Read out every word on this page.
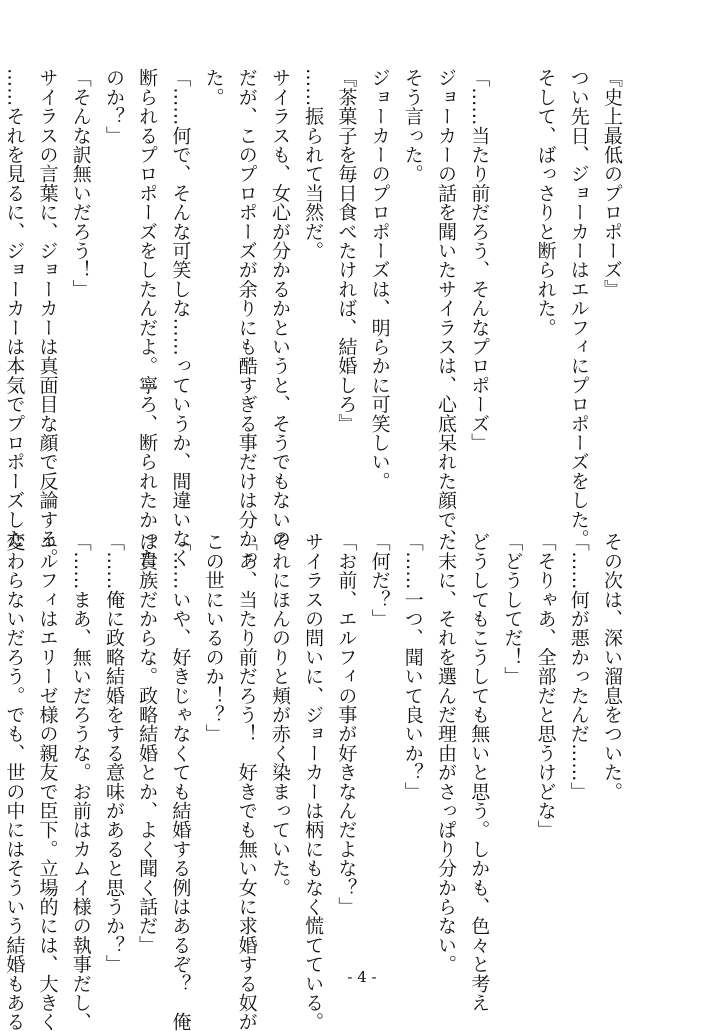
『史上最低のプロポーズ』

つい先日、ジョーカーはエルフィにプロポーズをした。

そして、ばっさりと断られた。

「……当たり前だろう、そんなプロポーズ」

ジョーカーの話を聞いたサイラスは、心底呆れた顔で、

そう言った。

ジョーカーのプロポーズは、明らかに可笑しい。

『茶菓子を毎日食べたければ、結婚しろ』

……振られて当然だ。

サイラスも、女心が分かるかというと、そうでもないの

だが、このプロポーズが余りにも酷すぎる事だけは分かっ

た。

「……何で、そんな可笑しな……っていうか、間違いなく

断られるプロポーズをしたんだよ。寧ろ、断られたかった

のか？」

「そんな訳無いだろう！」

サイラスの言葉に、ジョーカーは真面目な顔で反論する。

……それを見るに、ジョーカーは本気でプロポーズした

その次は、深い溜息をついた。

「……何が悪かったんだ……」

「そりゃあ、全部だと思うけどな」

「どうしてだ！」

どうしてもこうしても無いと思う。しかも、色々と考え

た末に、それを選んだ理由がさっぱり分からない。

「……一つ、聞いて良いか？」

「何だ？」

「お前、エルフィの事が好きなんだよな？」

サイラスの問いに、ジョーカーは柄にもなく慌てている。

それにほんのりと頬が赤く染まっていた。

「あ、当たり前だろう！　好きでも無い女に求婚する奴が

この世にいるのか！？」

「……いや、好きじゃなくても結婚する例はあるぞ？　俺

は貴族だからな。政略結婚とか、よく聞く話だ」

「……俺に政略結婚をする意味があると思うか？」

「……まあ、無いだろうな。お前はカムイ様の執事だし、

エルフィはエリーゼ様の親友で臣下。立場的には、大きく

変わらないだろう。でも、世の中にはそういう結婚もある	- 4 -
